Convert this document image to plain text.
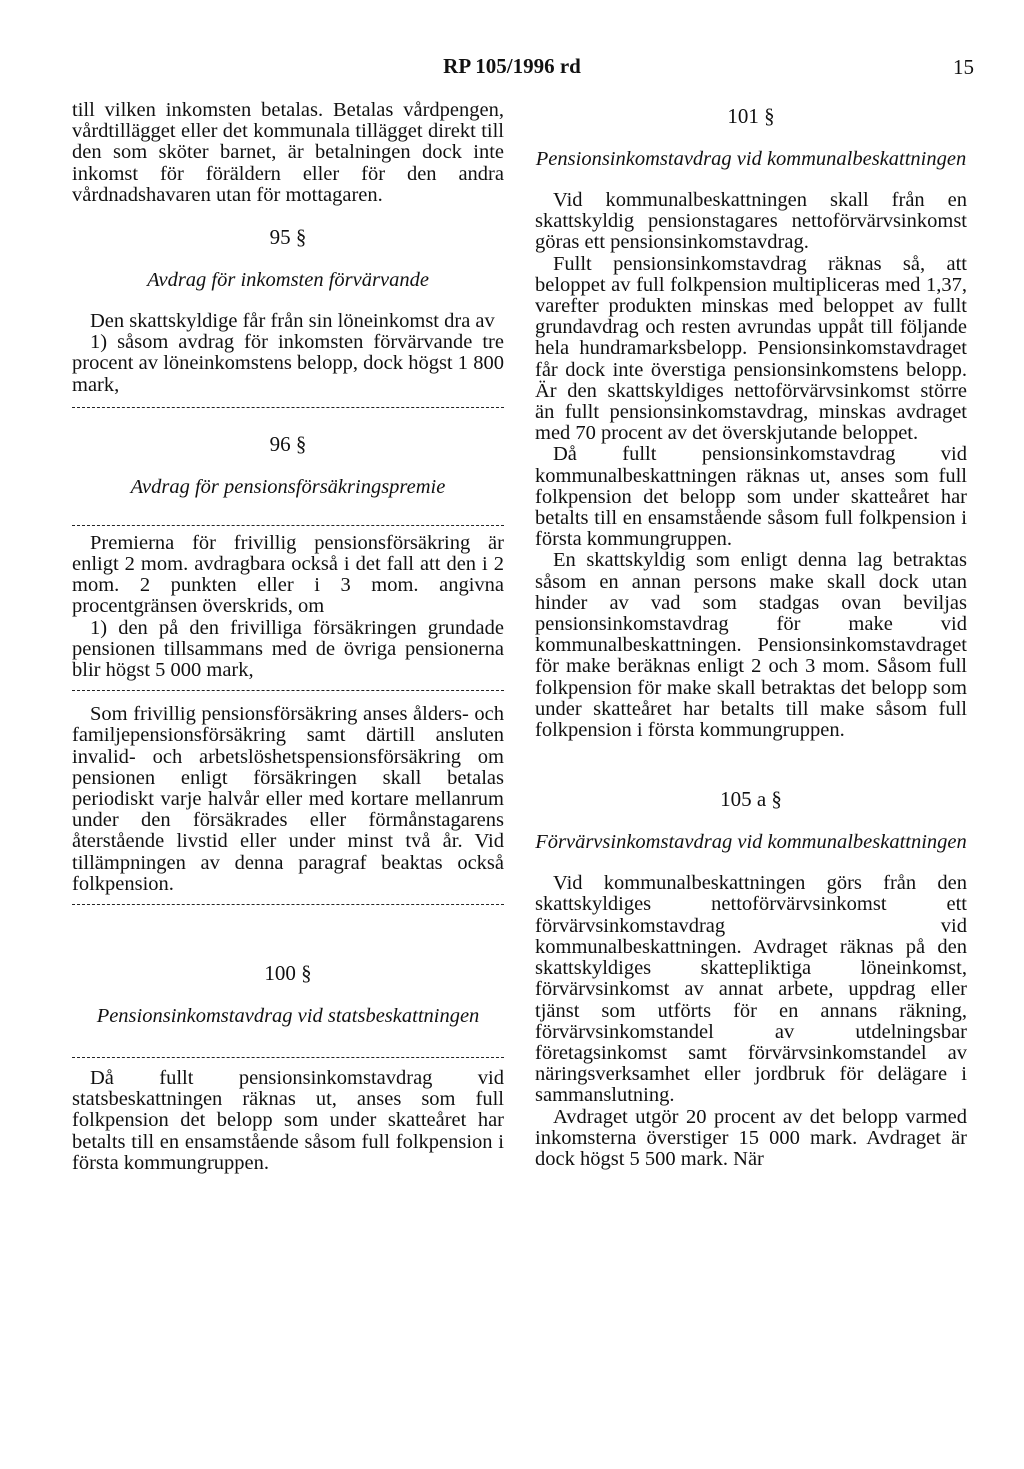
RP 105/1996 rd	15

till vilken inkomsten betalas. Betalas vårdpengen, vårdtillägget eller det kommunala tillägget direkt till den som sköter barnet, är betalningen dock inte inkomst för föräldern eller för den andra vårdnadshavaren utan för mottagaren.

95 §
Avdrag för inkomsten förvärvande

Den skattskyldige får från sin löneinkomst dra av

1) såsom avdrag för inkomsten förvärvande tre procent av löneinkomstens belopp, dock högst 1 800 mark,

96 §
Avdrag för pensionsförsäkringspremie

Premierna för frivillig pensionsförsäkring är enligt 2 mom. avdragbara också i det fall att den i 2 mom. 2 punkten eller i 3 mom. angivna procentgränsen överskrids, om

1) den på den frivilliga försäkringen grundade pensionen tillsammans med de övriga pensionerna blir högst 5 000 mark,

Som frivillig pensionsförsäkring anses ålders- och familjepensionsförsäkring samt därtill ansluten invalid- och arbetslöshetspensionsförsäkring om pensionen enligt försäkringen skall betalas periodiskt varje halvår eller med kortare mellanrum under den försäkrades eller förmånstagarens återstående livstid eller under minst två år. Vid tillämpningen av denna paragraf beaktas också folkpension.

100 §
Pensionsinkomstavdrag vid statsbeskattningen

Då fullt pensionsinkomstavdrag vid statsbeskattningen räknas ut, anses som full folkpension det belopp som under skatteåret har betalts till en ensamstående såsom full folkpension i första kommungruppen.

101 §
Pensionsinkomstavdrag vid kommunalbeskattningen

Vid kommunalbeskattningen skall från en skattskyldig pensionstagares nettoförvärvsinkomst göras ett pensionsinkomstavdrag.

Fullt pensionsinkomstavdrag räknas så, att beloppet av full folkpension multipliceras med 1,37, varefter produkten minskas med beloppet av fullt grundavdrag och resten avrundas uppåt till följande hela hundramarksbelopp. Pensionsinkomstavdraget får dock inte överstiga pensionsinkomstens belopp. Är den skattskyldiges nettoförvärvsinkomst större än fullt pensionsinkomstavdrag, minskas avdraget med 70 procent av det överskjutande beloppet.

Då fullt pensionsinkomstavdrag vid kommunalbeskattningen räknas ut, anses som full folkpension det belopp som under skatteåret har betalts till en ensamstående såsom full folkpension i första kommungruppen.

En skattskyldig som enligt denna lag betraktas såsom en annan persons make skall dock utan hinder av vad som stadgas ovan beviljas pensionsinkomstavdrag för make vid kommunalbeskattningen. Pensionsinkomstavdraget för make beräknas enligt 2 och 3 mom. Såsom full folkpension för make skall betraktas det belopp som under skatteåret har betalts till make såsom full folkpension i första kommungruppen.

105 a §
Förvärvsinkomstavdrag vid kommunalbeskattningen

Vid kommunalbeskattningen görs från den skattskyldiges nettoförvärvsinkomst ett förvärvsinkomstavdrag vid kommunalbeskattningen. Avdraget räknas på den skattskyldiges skattepliktiga löneinkomst, förvärvsinkomst av annat arbete, uppdrag eller tjänst som utförts för en annans räkning, förvärvsinkomstandel av utdelningsbar företagsinkomst samt förvärvsinkomstandel av näringsverksamhet eller jordbruk för delägare i sammanslutning.

Avdraget utgör 20 procent av det belopp varmed inkomsterna överstiger 15 000 mark. Avdraget är dock högst 5 500 mark. När
